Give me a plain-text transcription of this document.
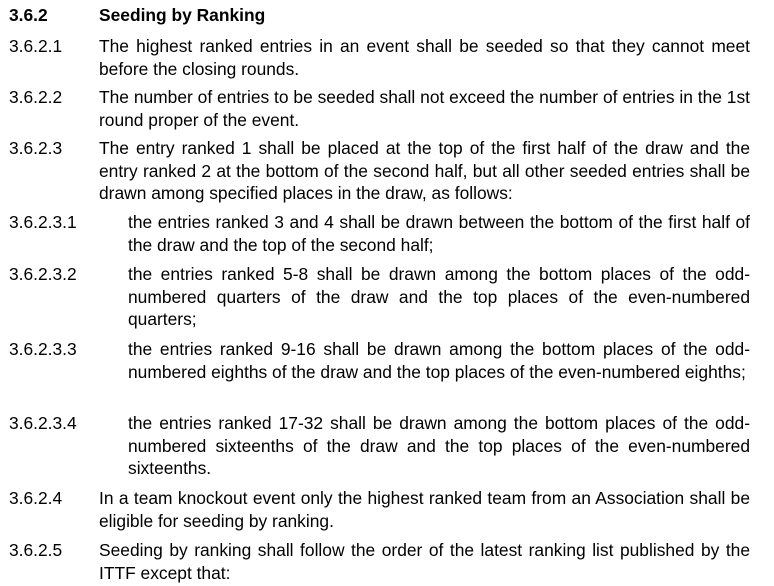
3.6.2	Seeding by Ranking
3.6.2.1 The highest ranked entries in an event shall be seeded so that they cannot meet before the closing rounds.
3.6.2.2 The number of entries to be seeded shall not exceed the number of entries in the 1st round proper of the event.
3.6.2.3 The entry ranked 1 shall be placed at the top of the first half of the draw and the entry ranked 2 at the bottom of the second half, but all other seeded entries shall be drawn among specified places in the draw, as follows:
3.6.2.3.1	the entries ranked 3 and 4 shall be drawn between the bottom of the first half of the draw and the top of the second half;
3.6.2.3.2	the entries ranked 5-8 shall be drawn among the bottom places of the odd-numbered quarters of the draw and the top places of the even-numbered quarters;
3.6.2.3.3	the entries ranked 9-16 shall be drawn among the bottom places of the odd-numbered eighths of the draw and the top places of the even-numbered eighths;
3.6.2.3.4	the entries ranked 17-32 shall be drawn among the bottom places of the odd-numbered sixteenths of the draw and the top places of the even-numbered sixteenths.
3.6.2.4 In a team knockout event only the highest ranked team from an Association shall be eligible for seeding by ranking.
3.6.2.5 Seeding by ranking shall follow the order of the latest ranking list published by the ITTF except that:
